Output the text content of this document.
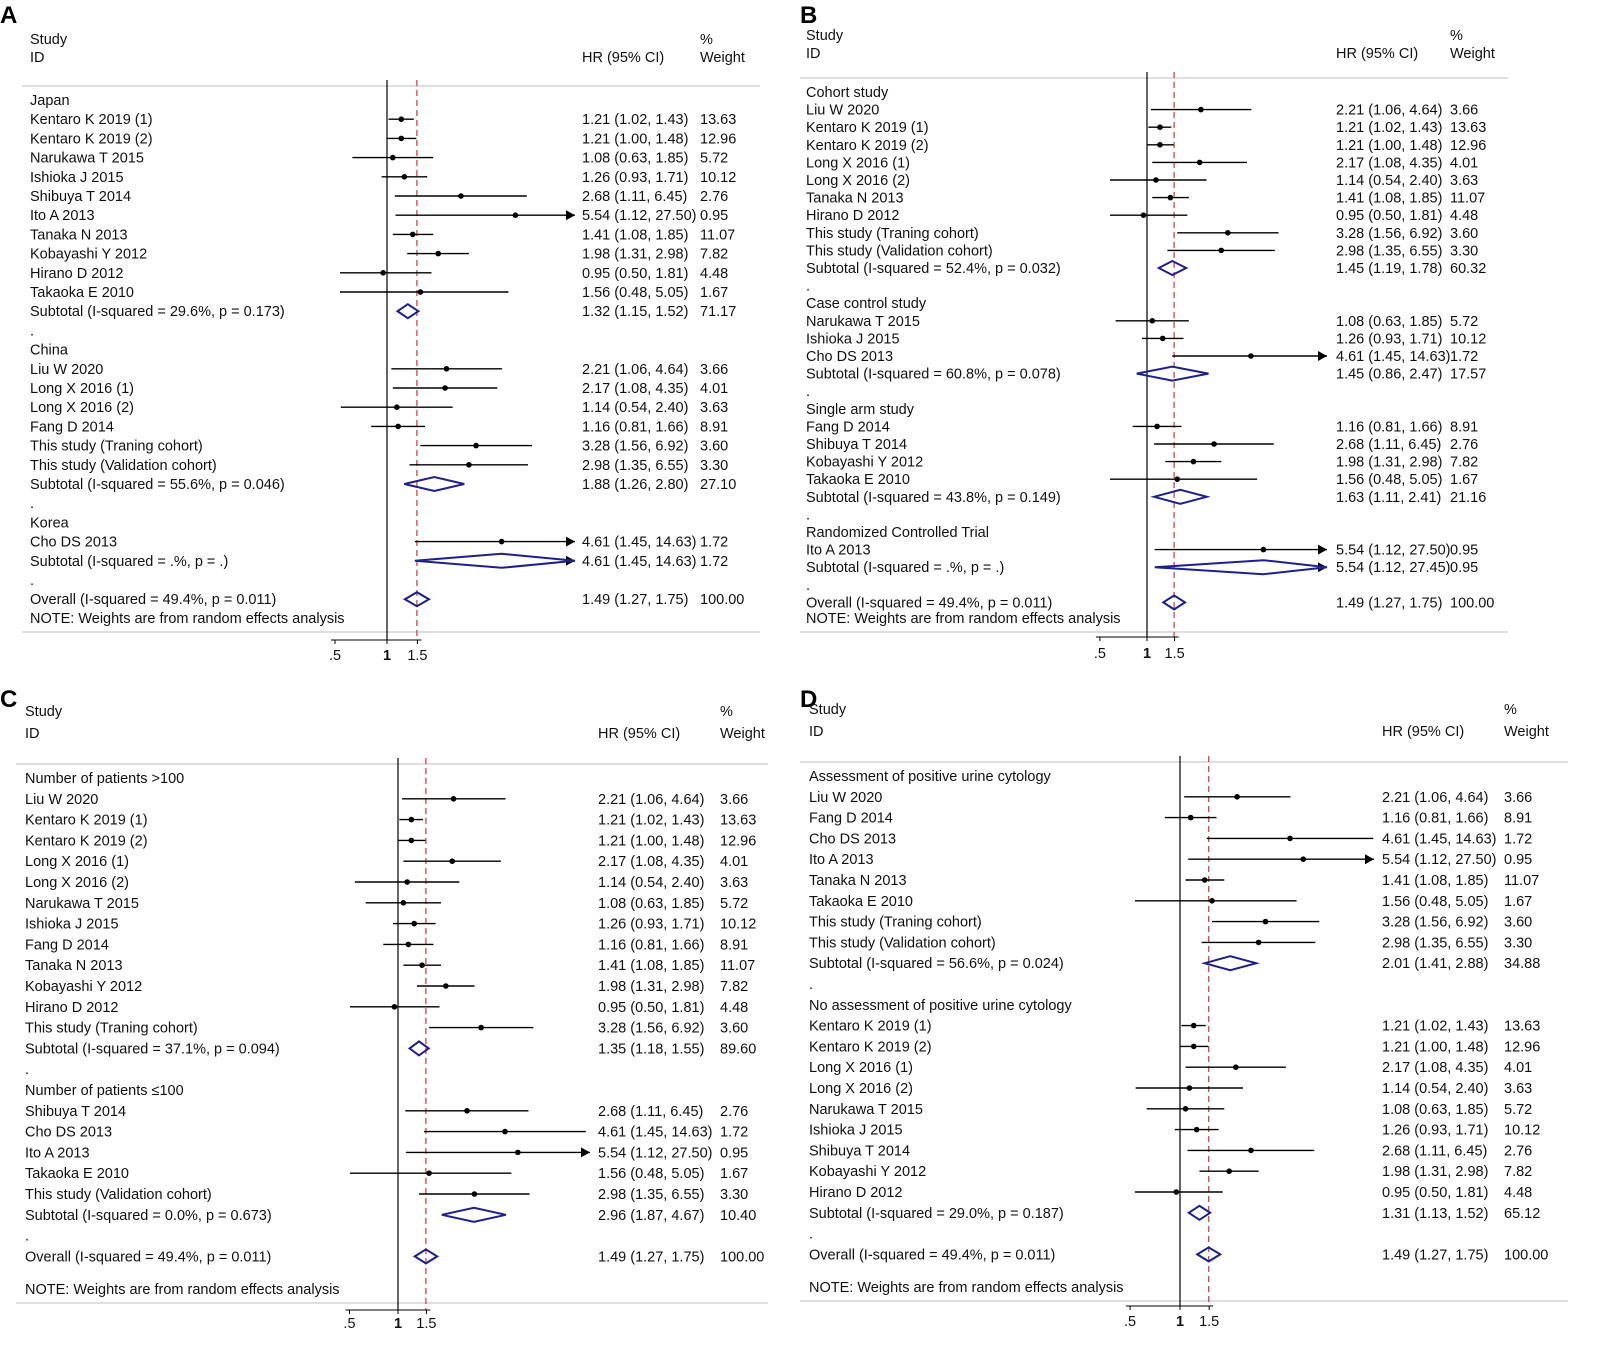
A
Study
ID	HR (95% CI)
%
Weight
Japan
Kentaro K 2019 (1)	1.21 (1.02, 1.43) 13.63
Kentaro K 2019 (2)	1.21 (1.00, 1.48) 12.96
Narukawa T 2015	1.08 (0.63, 1.85) 5.72
Ishioka J 2015	1.26 (0.93, 1.71) 10.12
Shibuya T 2014	2.68 (1.11, 6.45) 2.76
Ito A 2013	5.54 (1.12, 27.50) 0.95
Tanaka N 2013	1.41 (1.08, 1.85) 11.07
Kobayashi Y 2012	1.98 (1.31, 2.98) 7.82
Hirano D 2012	0.95 (0.50, 1.81) 4.48
Takaoka E 2010	1.56 (0.48, 5.05) 1.67
Subtotal (I-squared = 29.6%, p = 0.173)	1.32 (1.15, 1.52) 71.17
.
China
Liu W 2020	2.21 (1.06, 4.64) 3.66
Long X 2016 (1)	2.17 (1.08, 4.35) 4.01
Long X 2016 (2)	1.14 (0.54, 2.40) 3.63
Fang D 2014	1.16 (0.81, 1.66) 8.91
This study (Traning cohort)	3.28 (1.56, 6.92) 3.60
This study (Validation cohort)	2.98 (1.35, 6.55) 3.30
Subtotal (I-squared = 55.6%, p = 0.046)	1.88 (1.26, 2.80) 27.10
.
Korea
Cho DS 2013	4.61 (1.45, 14.63) 1.72
Subtotal (I-squared = .%, p = .)	4.61 (1.45, 14.63) 1.72
.
Overall (I-squared = 49.4%, p = 0.011)	1.49 (1.27, 1.75) 100.00
NOTE: Weights are from random effects analysis
.5	1 1.5
B
Study
ID	HR (95% CI)
%
Weight
Cohort study
Liu W 2020	2.21 (1.06, 4.64) 3.66
Kentaro K 2019 (1)	1.21 (1.02, 1.43) 13.63
Kentaro K 2019 (2)	1.21 (1.00, 1.48) 12.96
Long X 2016 (1)	2.17 (1.08, 4.35) 4.01
Long X 2016 (2)	1.14 (0.54, 2.40) 3.63
Tanaka N 2013	1.41 (1.08, 1.85) 11.07
Hirano D 2012	0.95 (0.50, 1.81) 4.48
This study (Traning cohort)	3.28 (1.56, 6.92) 3.60
This study (Validation cohort)	2.98 (1.35, 6.55) 3.30
Subtotal (I-squared = 52.4%, p = 0.032)	1.45 (1.19, 1.78) 60.32
.
Case control study
Narukawa T 2015	1.08 (0.63, 1.85) 5.72
Ishioka J 2015	1.26 (0.93, 1.71) 10.12
Cho DS 2013	4.61 (1.45, 14.63) 1.72
Subtotal (I-squared = 60.8%, p = 0.078)	1.45 (0.86, 2.47) 17.57
.
Single arm study
Fang D 2014	1.16 (0.81, 1.66) 8.91
Shibuya T 2014	2.68 (1.11, 6.45) 2.76
Kobayashi Y 2012	1.98 (1.31, 2.98) 7.82
Takaoka E 2010	1.56 (0.48, 5.05) 1.67
Subtotal (I-squared = 43.8%, p = 0.149)	1.63 (1.11, 2.41) 21.16
.
Randomized Controlled Trial
Ito A 2013	5.54 (1.12, 27.50) 0.95
Subtotal (I-squared = .%, p = .)	5.54 (1.12, 27.45) 0.95
.
Overall (I-squared = 49.4%, p = 0.011)	1.49 (1.27, 1.75) 100.00
NOTE: Weights are from random effects analysis
.5	1 1.5
C Study
ID	HR (95% CI)
%
Weight
Number of patients >100
Liu W 2020	2.21 (1.06, 4.64) 3.66
Kentaro K 2019 (1)	1.21 (1.02, 1.43) 13.63
Kentaro K 2019 (2)	1.21 (1.00, 1.48) 12.96
Long X 2016 (1)	2.17 (1.08, 4.35) 4.01
Long X 2016 (2)	1.14 (0.54, 2.40) 3.63
Narukawa T 2015	1.08 (0.63, 1.85) 5.72
Ishioka J 2015	1.26 (0.93, 1.71) 10.12
Fang D 2014	1.16 (0.81, 1.66) 8.91
Tanaka N 2013	1.41 (1.08, 1.85) 11.07
Kobayashi Y 2012	1.98 (1.31, 2.98) 7.82
Hirano D 2012	0.95 (0.50, 1.81) 4.48
This study (Traning cohort)	3.28 (1.56, 6.92) 3.60
Subtotal (I-squared = 37.1%, p = 0.094)	1.35 (1.18, 1.55) 89.60
.
Number of patients ≤100
Shibuya T 2014	2.68 (1.11, 6.45) 2.76
Cho DS 2013	4.61 (1.45, 14.63) 1.72
Ito A 2013	5.54 (1.12, 27.50) 0.95
Takaoka E 2010	1.56 (0.48, 5.05) 1.67
This study (Validation cohort)	2.98 (1.35, 6.55) 3.30
Subtotal (I-squared = 0.0%, p = 0.673)	2.96 (1.87, 4.67) 10.40
.
Overall (I-squared = 49.4%, p = 0.011)	1.49 (1.27, 1.75) 100.00
NOTE: Weights are from random effects analysis
.5	1 1.5
D
Study
ID	HR (95% CI)
%
Weight
Assessment of positive urine cytology
Liu W 2020	2.21 (1.06, 4.64) 3.66
Fang D 2014	1.16 (0.81, 1.66) 8.91
Cho DS 2013	4.61 (1.45, 14.63) 1.72
Ito A 2013	5.54 (1.12, 27.50) 0.95
Tanaka N 2013	1.41 (1.08, 1.85) 11.07
Takaoka E 2010	1.56 (0.48, 5.05) 1.67
This study (Traning cohort)	3.28 (1.56, 6.92) 3.60
This study (Validation cohort)	2.98 (1.35, 6.55) 3.30
Subtotal (I-squared = 56.6%, p = 0.024)	2.01 (1.41, 2.88) 34.88
.
No assessment of positive urine cytology
Kentaro K 2019 (1)	1.21 (1.02, 1.43) 13.63
Kentaro K 2019 (2)	1.21 (1.00, 1.48) 12.96
Long X 2016 (1)	2.17 (1.08, 4.35) 4.01
Long X 2016 (2)	1.14 (0.54, 2.40) 3.63
Narukawa T 2015	1.08 (0.63, 1.85) 5.72
Ishioka J 2015	1.26 (0.93, 1.71) 10.12
Shibuya T 2014	2.68 (1.11, 6.45) 2.76
Kobayashi Y 2012	1.98 (1.31, 2.98) 7.82
Hirano D 2012	0.95 (0.50, 1.81) 4.48
Subtotal (I-squared = 29.0%, p = 0.187)	1.31 (1.13, 1.52) 65.12
.
Overall (I-squared = 49.4%, p = 0.011)	1.49 (1.27, 1.75) 100.00
NOTE: Weights are from random effects analysis
.5	1 1.5
